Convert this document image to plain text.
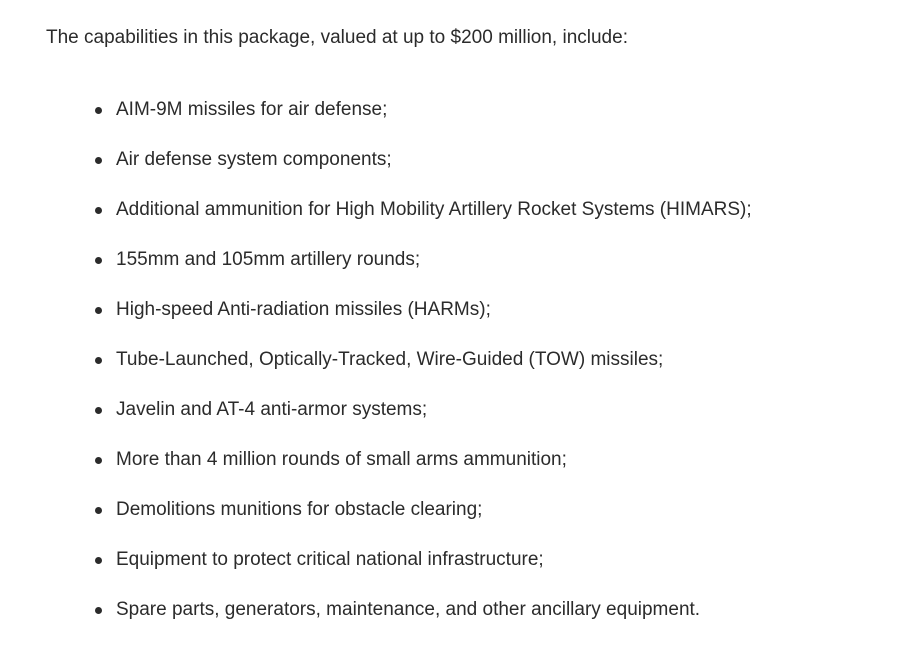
The capabilities in this package, valued at up to $200 million, include:

AIM-9M missiles for air defense;
Air defense system components;
Additional ammunition for High Mobility Artillery Rocket Systems (HIMARS);
155mm and 105mm artillery rounds;
High-speed Anti-radiation missiles (HARMs);
Tube-Launched, Optically-Tracked, Wire-Guided (TOW) missiles;
Javelin and AT-4 anti-armor systems;
More than 4 million rounds of small arms ammunition;
Demolitions munitions for obstacle clearing;
Equipment to protect critical national infrastructure;
Spare parts, generators, maintenance, and other ancillary equipment.
